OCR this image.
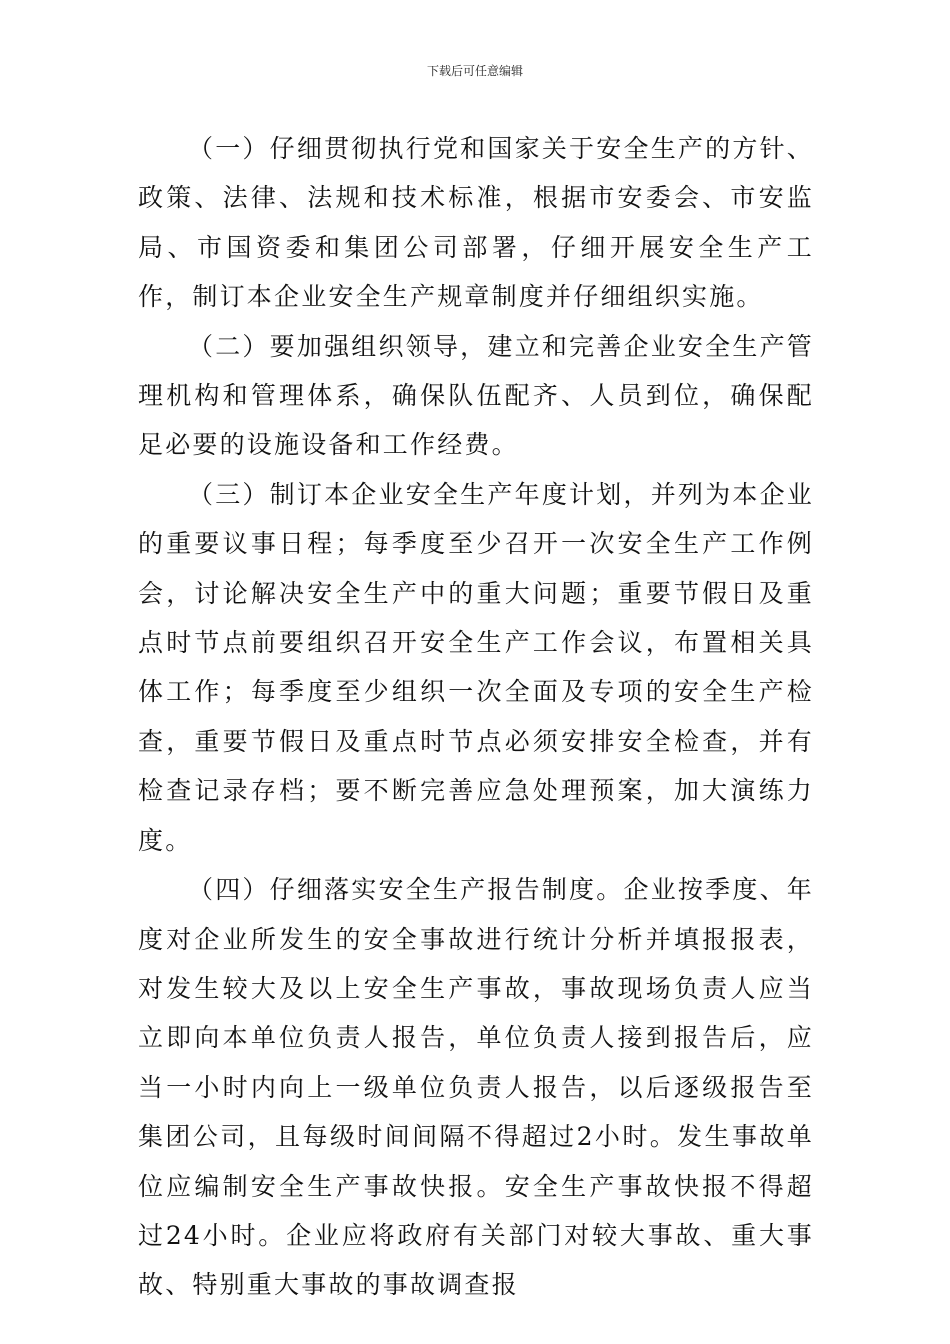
下载后可任意编辑

（一）仔细贯彻执行党和国家关于安全生产的方针、政策、法律、法规和技术标准，根据市安委会、市安监局、市国资委和集团公司部署，仔细开展安全生产工作，制订本企业安全生产规章制度并仔细组织实施。

（二）要加强组织领导，建立和完善企业安全生产管理机构和管理体系，确保队伍配齐、人员到位，确保配足必要的设施设备和工作经费。

（三）制订本企业安全生产年度计划，并列为本企业的重要议事日程；每季度至少召开一次安全生产工作例会，讨论解决安全生产中的重大问题；重要节假日及重点时节点前要组织召开安全生产工作会议，布置相关具体工作；每季度至少组织一次全面及专项的安全生产检查，重要节假日及重点时节点必须安排安全检查，并有检查记录存档；要不断完善应急处理预案，加大演练力度。

（四）仔细落实安全生产报告制度。企业按季度、年度对企业所发生的安全事故进行统计分析并填报报表，对发生较大及以上安全生产事故，事故现场负责人应当立即向本单位负责人报告，单位负责人接到报告后，应当一小时内向上一级单位负责人报告，以后逐级报告至集团公司，且每级时间间隔不得超过2小时。发生事故单位应编制安全生产事故快报。安全生产事故快报不得超过24小时。企业应将政府有关部门对较大事故、重大事故、特别重大事故的事故调查报
